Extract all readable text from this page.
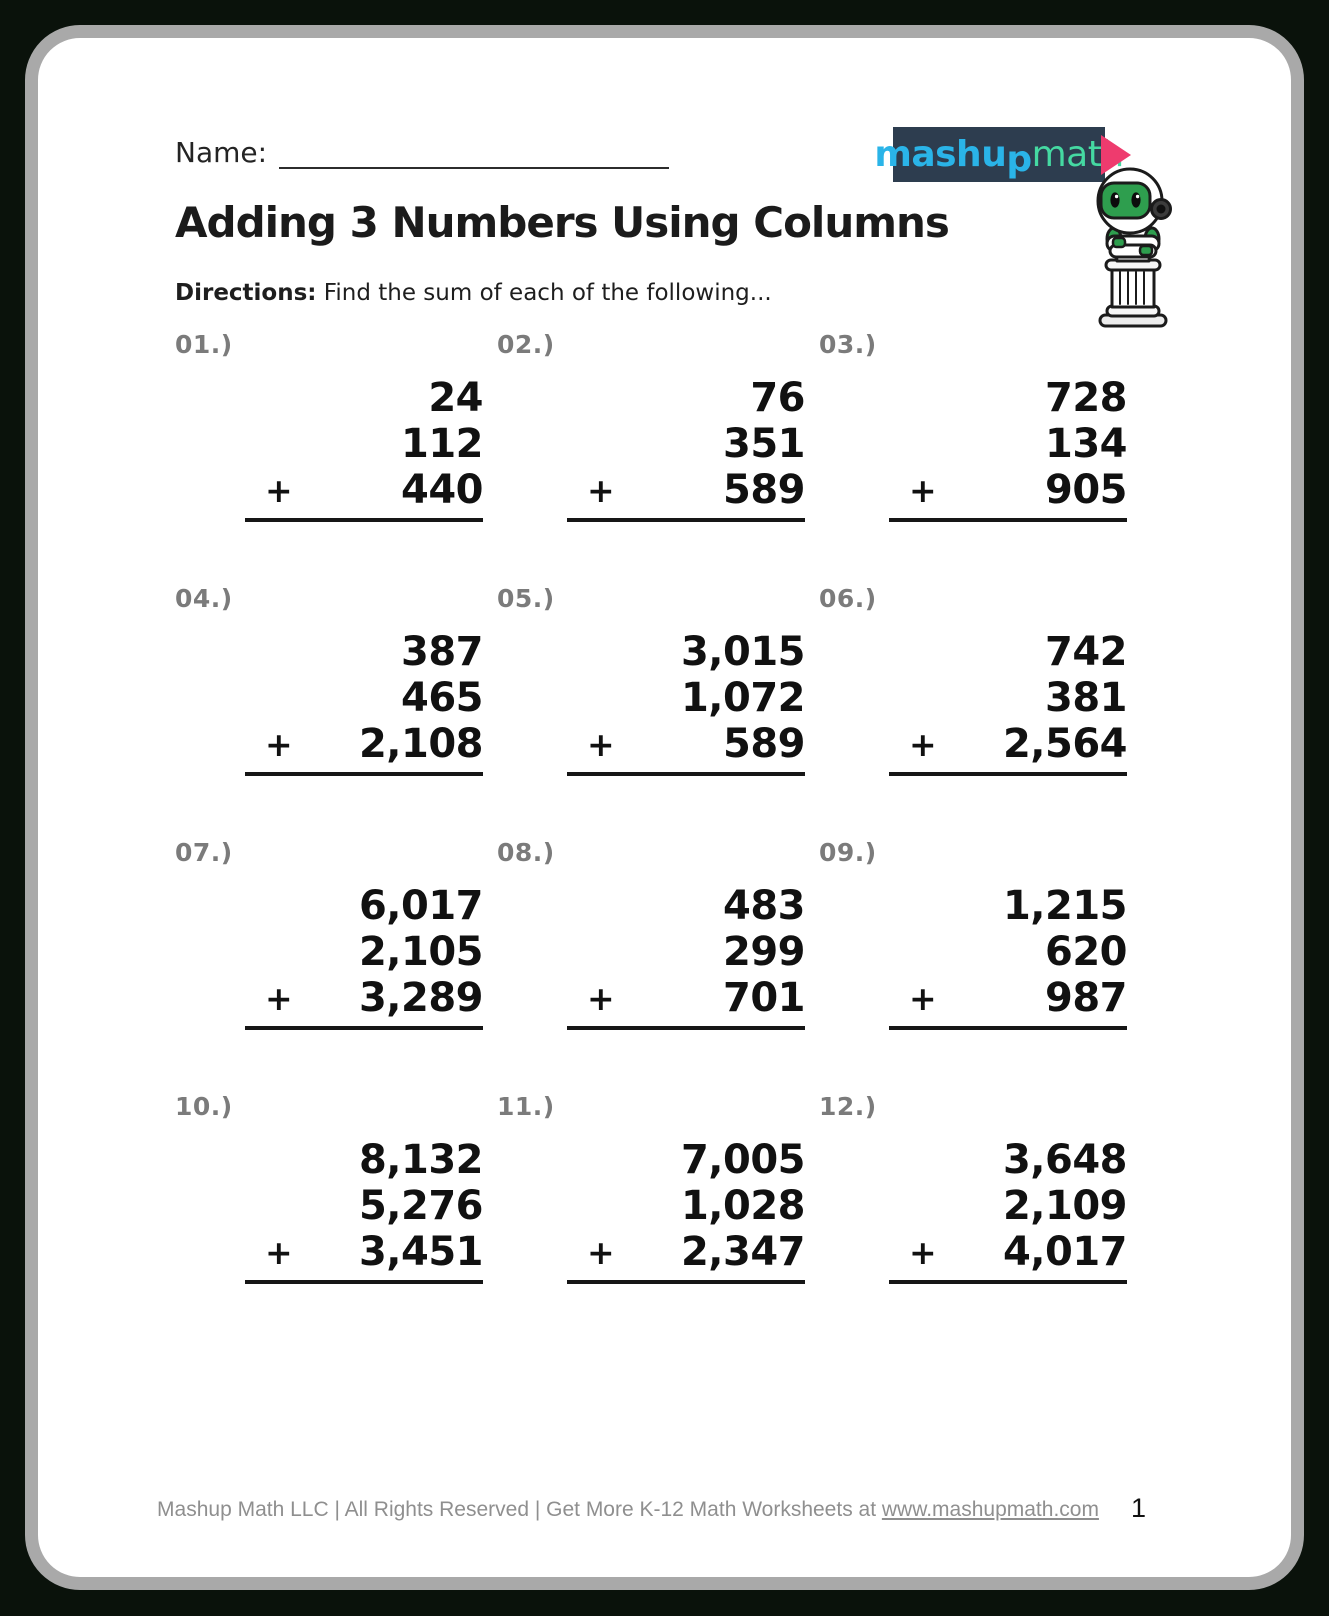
Name:	mashu p math
Adding 3 Numbers Using Columns
Directions: Find the sum of each of the following...
01.)
24
112
+	440
02.)
76
351
+	589
03.)
728
134
+	905
04.)
387
465
+ 2,108
05.)
3,015
1,072
+	589
06.)
742
381
+ 2,564
07.)
6,017
2,105
+ 3,289
08.)
483
299
+	701
09.)
1,215
620
+	987
10.)
8,132
5,276
+ 3,451
11.)
7,005
1,028
+ 2,347
12.)
3,648
2,109
+ 4,017
Mashup Math LLC | All Rights Reserved | Get More K-12 Math Worksheets at www.mashupmath.com	1
